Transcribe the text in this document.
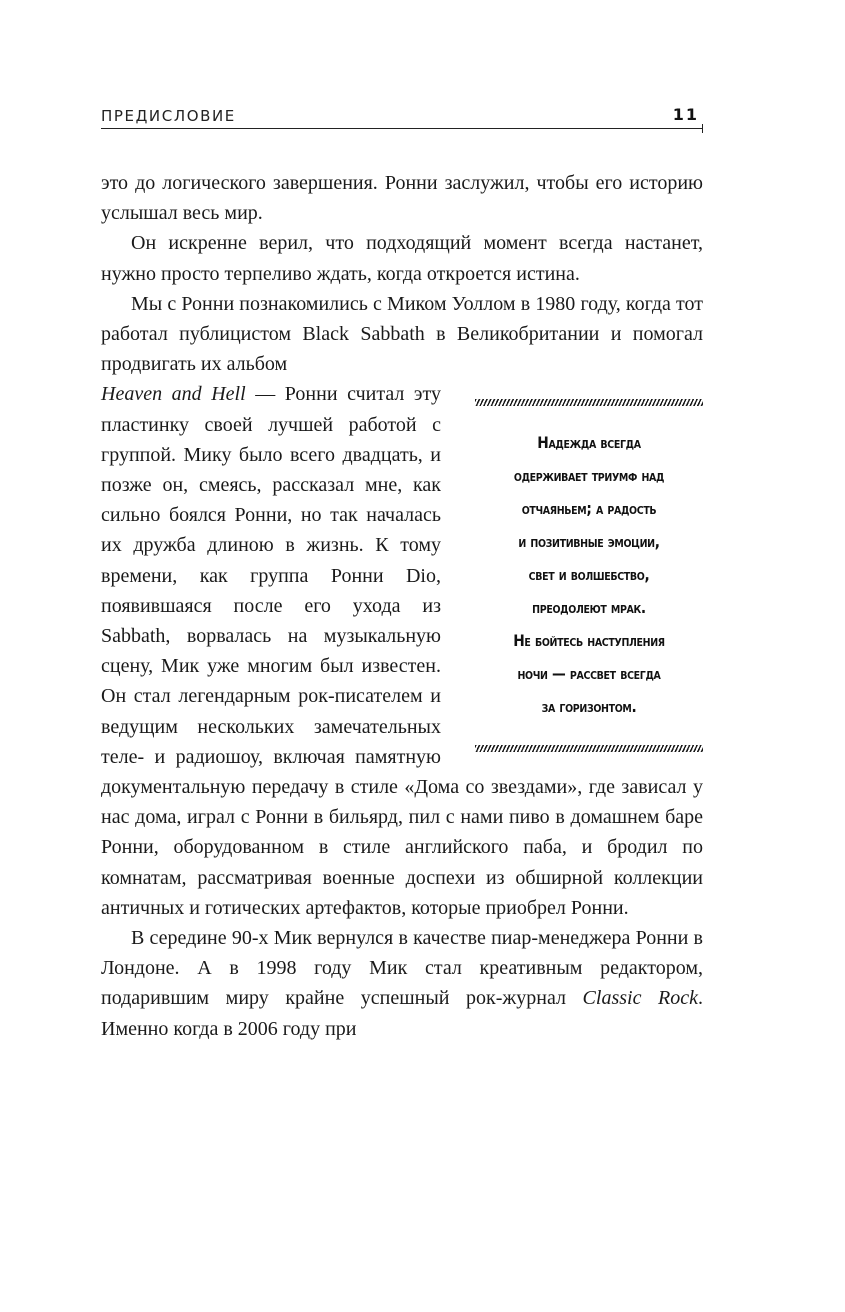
ПРЕДИСЛОВИЕ	11

это до логического завершения. Ронни заслужил, чтобы его историю услышал весь мир.

Он искренне верил, что подходящий момент всегда настанет, нужно просто терпеливо ждать, когда откроется истина.

Мы с Ронни познакомились с Миком Уоллом в 1980 году, когда тот работал публицистом Black Sabbath в Великобритании и помогал продвигать их альбом

Надежда всегда
одерживает триумф над
отчаяньем; а радость
и позитивные эмоции,
свет и волшебство,
преодолеют мрак.
Не бойтесь наступления
ночи — рассвет всегда
за горизонтом.
Heaven and Hell — Ронни считал эту пластинку своей лучшей работой с группой. Мику было всего двадцать, и позже он, смеясь, рассказал мне, как сильно боялся Ронни, но так началась их дружба длиною в жизнь. К тому времени, как группа Ронни Dio, появившаяся после его ухода из Sabbath, ворвалась на музыкальную сцену, Мик уже многим был известен. Он стал легендарным рок-писателем и ведущим нескольких замечательных теле- и радиошоу, включая памятную документальную передачу в стиле «Дома со звездами», где зависал у нас дома, играл с Ронни в бильярд, пил с нами пиво в домашнем баре Ронни, оборудованном в стиле английского паба, и бродил по комнатам, рассматривая военные доспехи из обширной коллекции античных и готических артефактов, которые приобрел Ронни.

В середине 90-х Мик вернулся в качестве пиар-менеджера Ронни в Лондоне. А в 1998 году Мик стал креативным редактором, подарившим миру крайне успешный рок-журнал Classic Rock. Именно когда в 2006 году при
